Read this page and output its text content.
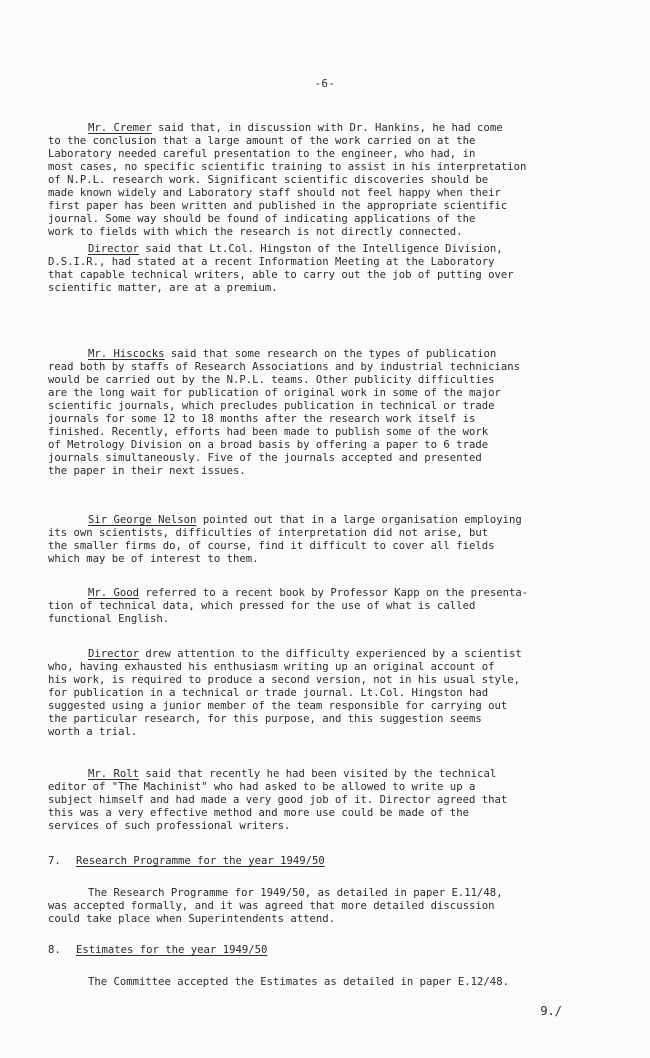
-6-
Mr. Cremer said that, in discussion with Dr. Hankins, he had come
to the conclusion that a large amount of the work carried on at the
Laboratory needed careful presentation to the engineer, who had, in
most cases, no specific scientific training to assist in his interpretation
of N.P.L. research work. Significant scientific discoveries should be
made known widely and Laboratory staff should not feel happy when their
first paper has been written and published in the appropriate scientific
journal. Some way should be found of indicating applications of the
work to fields with which the research is not directly connected.
Director said that Lt.Col. Hingston of the Intelligence Division,
D.S.I.R., had stated at a recent Information Meeting at the Laboratory
that capable technical writers, able to carry out the job of putting over
scientific matter, are at a premium.
Mr. Hiscocks said that some research on the types of publication
read both by staffs of Research Associations and by industrial technicians
would be carried out by the N.P.L. teams. Other publicity difficulties
are the long wait for publication of original work in some of the major
scientific journals, which precludes publication in technical or trade
journals for some 12 to 18 months after the research work itself is
finished. Recently, efforts had been made to publish some of the work
of Metrology Division on a broad basis by offering a paper to 6 trade
journals simultaneously. Five of the journals accepted and presented
the paper in their next issues.
Sir George Nelson pointed out that in a large organisation employing
its own scientists, difficulties of interpretation did not arise, but
the smaller firms do, of course, find it difficult to cover all fields
which may be of interest to them.
Mr. Good referred to a recent book by Professor Kapp on the presenta-
tion of technical data, which pressed for the use of what is called
functional English.
Director drew attention to the difficulty experienced by a scientist
who, having exhausted his enthusiasm writing up an original account of
his work, is required to produce a second version, not in his usual style,
for publication in a technical or trade journal. Lt.Col. Hingston had
suggested using a junior member of the team responsible for carrying out
the particular research, for this purpose, and this suggestion seems
worth a trial.
Mr. Rolt said that recently he had been visited by the technical
editor of "The Machinist" who had asked to be allowed to write up a
subject himself and had made a very good job of it. Director agreed that
this was a very effective method and more use could be made of the
services of such professional writers.
7. Research Programme for the year 1949/50
The Research Programme for 1949/50, as detailed in paper E.11/48,
was accepted formally, and it was agreed that more detailed discussion
could take place when Superintendents attend.
8. Estimates for the year 1949/50
The Committee accepted the Estimates as detailed in paper E.12/48.
9./
